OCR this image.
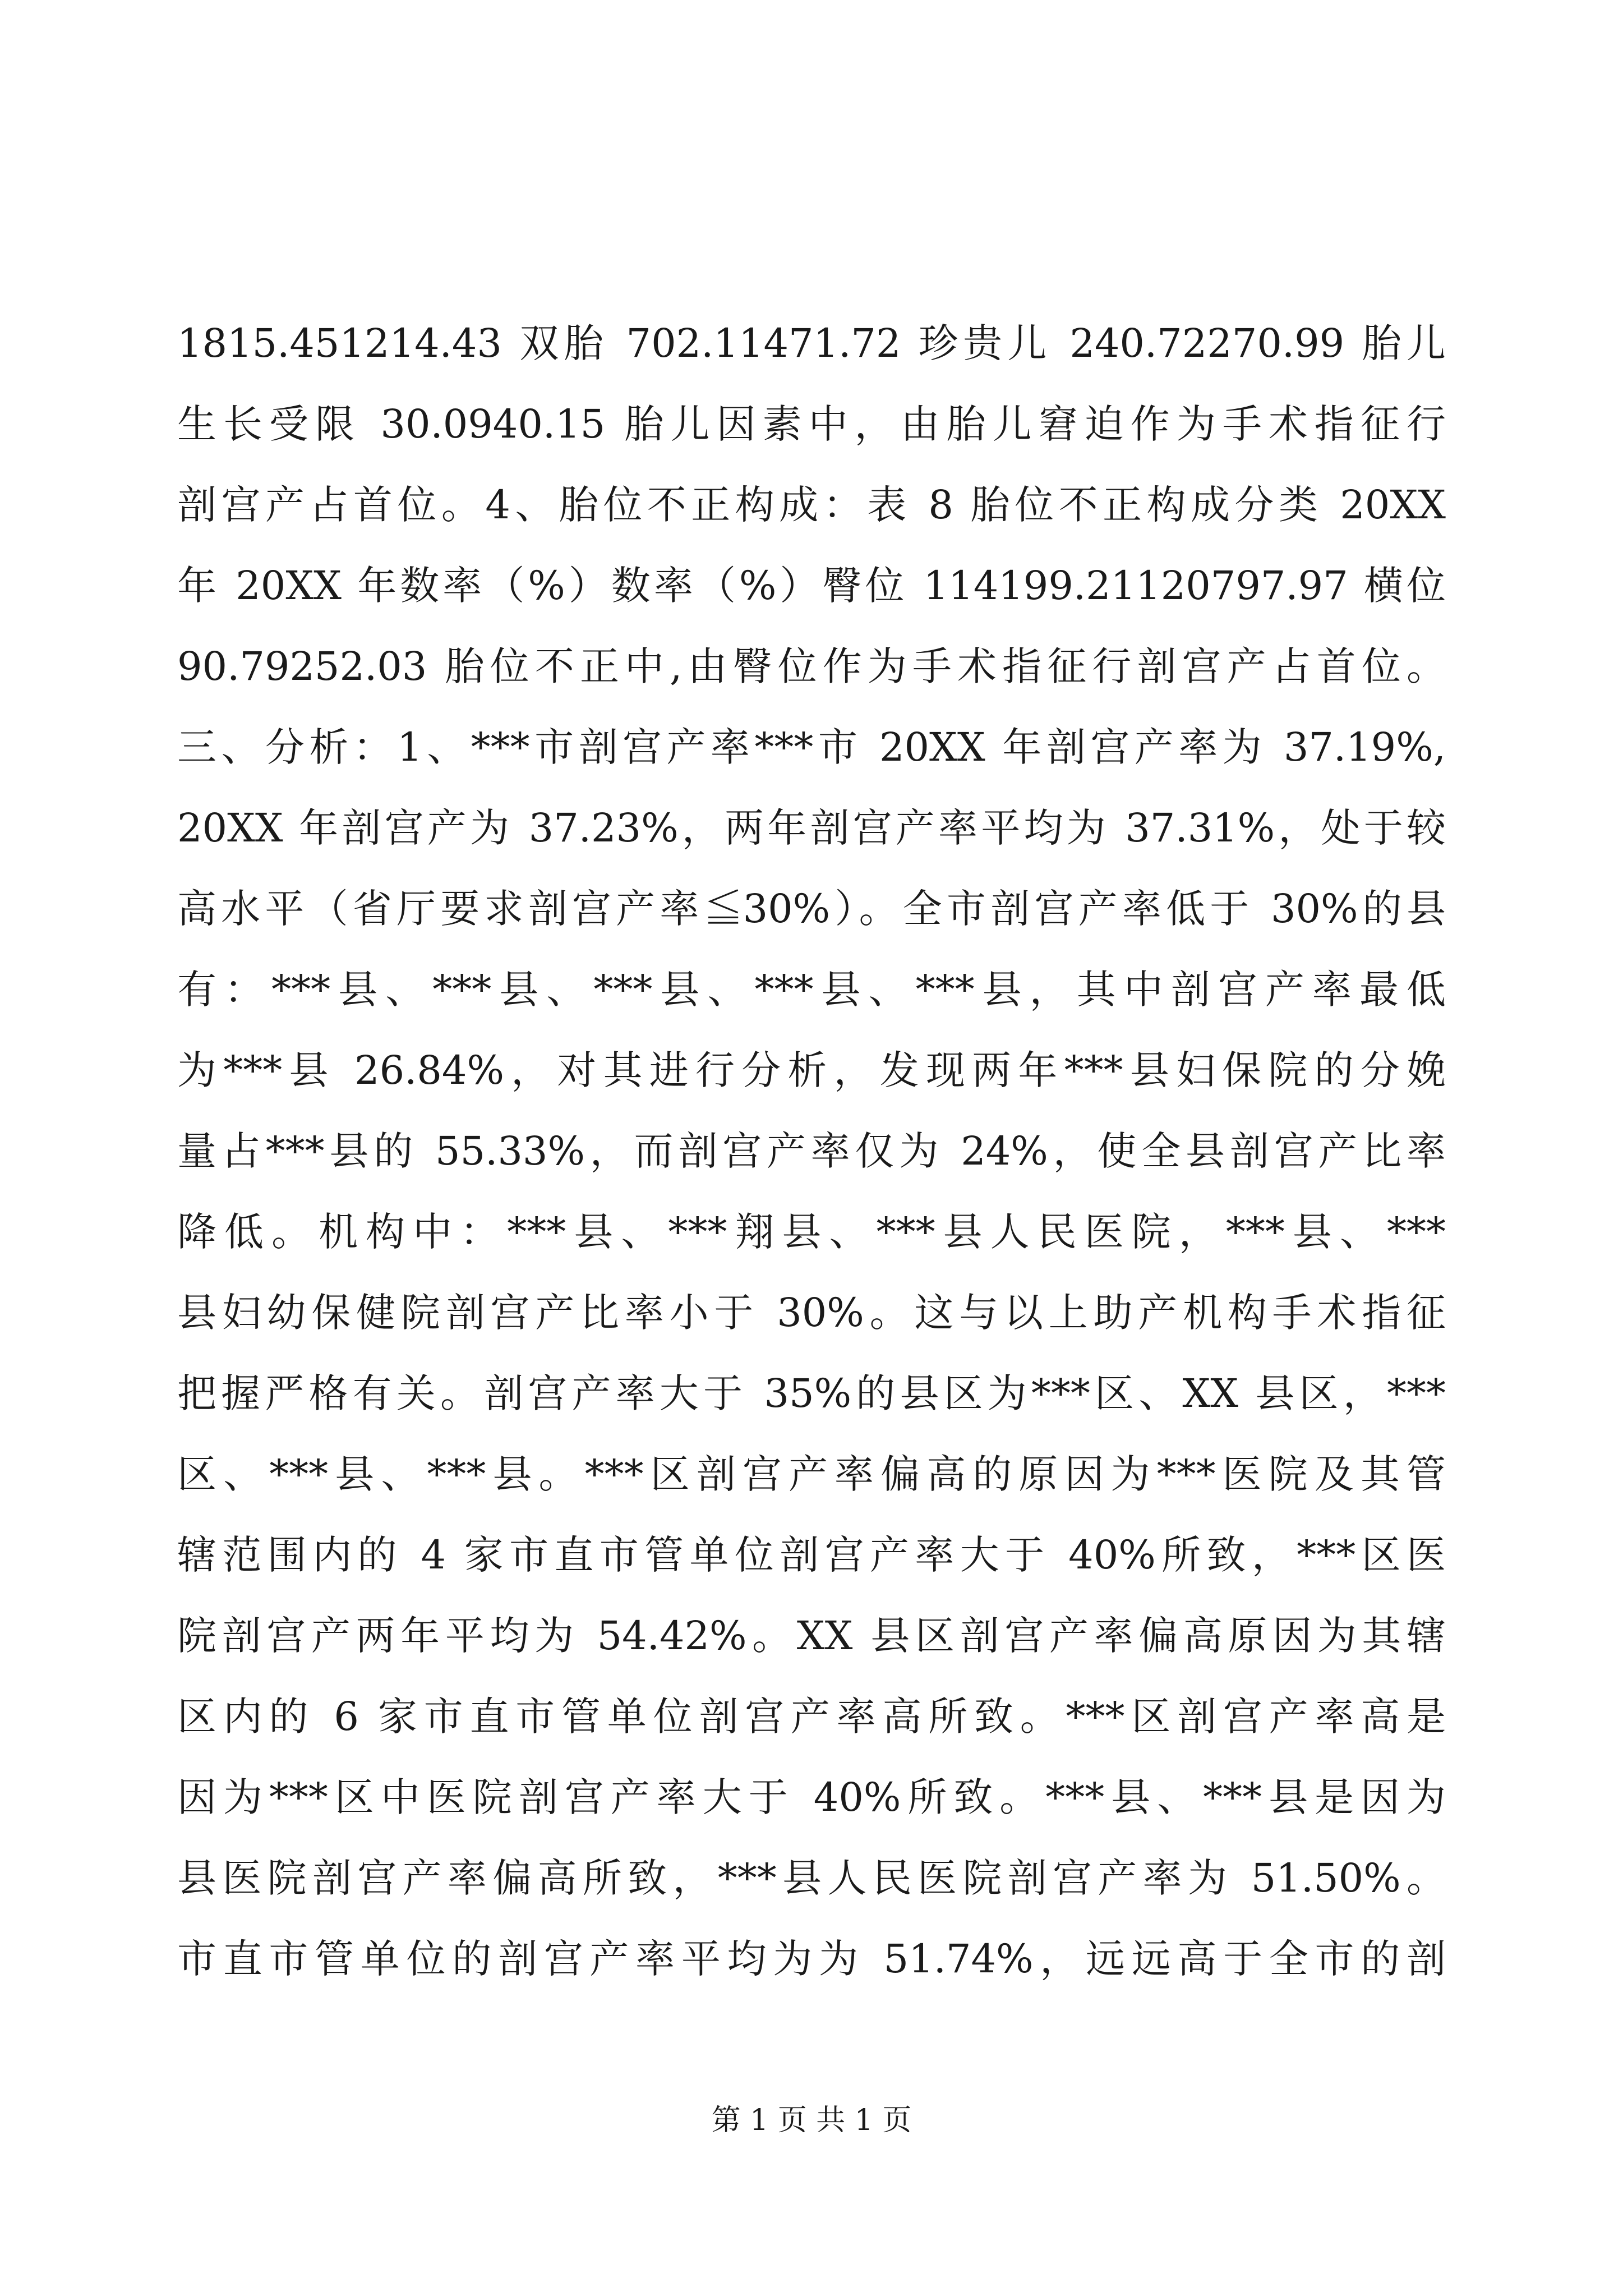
1815.451214.43 双胎 702.11471.72 珍贵儿 240.72270.99 胎儿
生长受限 30.0940.15 胎儿因素中，由胎儿窘迫作为手术指征行
剖宫产占首位。4、胎位不正构成：表 8 胎位不正构成分类 20XX
年 20XX 年数率（%）数率（%）臀位 114199.21120797.97 横位
90.79252.03 胎位不正中,由臀位作为手术指征行剖宫产占首位。
三、分析：1、***市剖宫产率***市 20XX 年剖宫产率为 37.19%,
20XX 年剖宫产为 37.23%，两年剖宫产率平均为 37.31%，处于较
高水平（省厅要求剖宫产率≦30%）。全市剖宫产率低于 30%的县
有：***县、***县、***县、***县、***县，其中剖宫产率最低
为***县 26.84%，对其进行分析，发现两年***县妇保院的分娩
量占***县的 55.33%，而剖宫产率仅为 24%，使全县剖宫产比率
降低。机构中：***县、***翔县、***县人民医院，***县、***
县妇幼保健院剖宫产比率小于 30%。这与以上助产机构手术指征
把握严格有关。剖宫产率大于 35%的县区为***区、XX 县区，***
区、***县、***县。***区剖宫产率偏高的原因为***医院及其管
辖范围内的 4 家市直市管单位剖宫产率大于 40%所致，***区医
院剖宫产两年平均为 54.42%。XX 县区剖宫产率偏高原因为其辖
区内的 6 家市直市管单位剖宫产率高所致。***区剖宫产率高是
因为***区中医院剖宫产率大于 40%所致。***县、***县是因为
县医院剖宫产率偏高所致，***县人民医院剖宫产率为 51.50%。
市直市管单位的剖宫产率平均为为 51.74%，远远高于全市的剖
第 1 页 共 1 页
